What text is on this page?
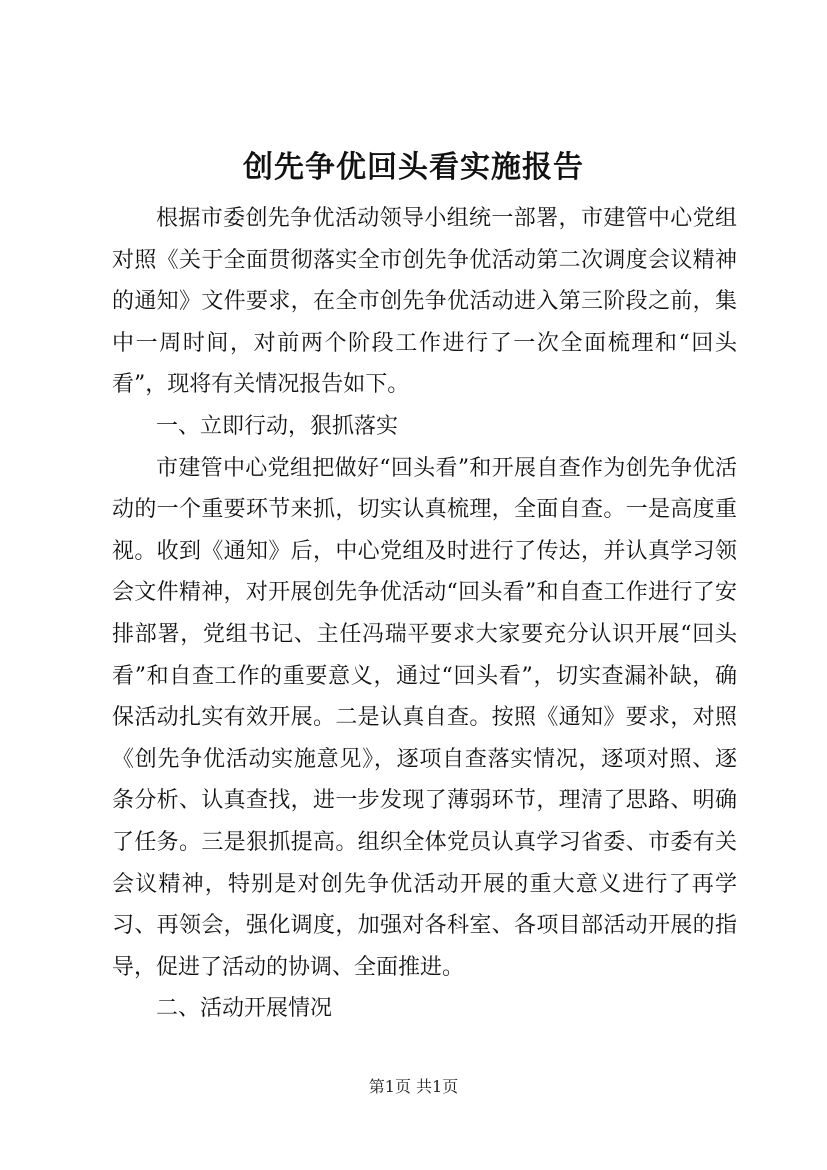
创先争优回头看实施报告

根据市委创先争优活动领导小组统一部署，市建管中心党组对照《关于全面贯彻落实全市创先争优活动第二次调度会议精神的通知》文件要求，在全市创先争优活动进入第三阶段之前，集中一周时间，对前两个阶段工作进行了一次全面梳理和“回头看”，现将有关情况报告如下。

一、立即行动，狠抓落实

市建管中心党组把做好“回头看”和开展自查作为创先争优活动的一个重要环节来抓，切实认真梳理，全面自查。一是高度重视。收到《通知》后，中心党组及时进行了传达，并认真学习领会文件精神，对开展创先争优活动“回头看”和自查工作进行了安排部署，党组书记、主任冯瑞平要求大家要充分认识开展“回头看”和自查工作的重要意义，通过“回头看”，切实查漏补缺，确保活动扎实有效开展。二是认真自查。按照《通知》要求，对照《创先争优活动实施意见》，逐项自查落实情况，逐项对照、逐条分析、认真查找，进一步发现了薄弱环节，理清了思路、明确了任务。三是狠抓提高。组织全体党员认真学习省委、市委有关会议精神，特别是对创先争优活动开展的重大意义进行了再学习、再领会，强化调度，加强对各科室、各项目部活动开展的指导，促进了活动的协调、全面推进。

二、活动开展情况

第1页 共1页
